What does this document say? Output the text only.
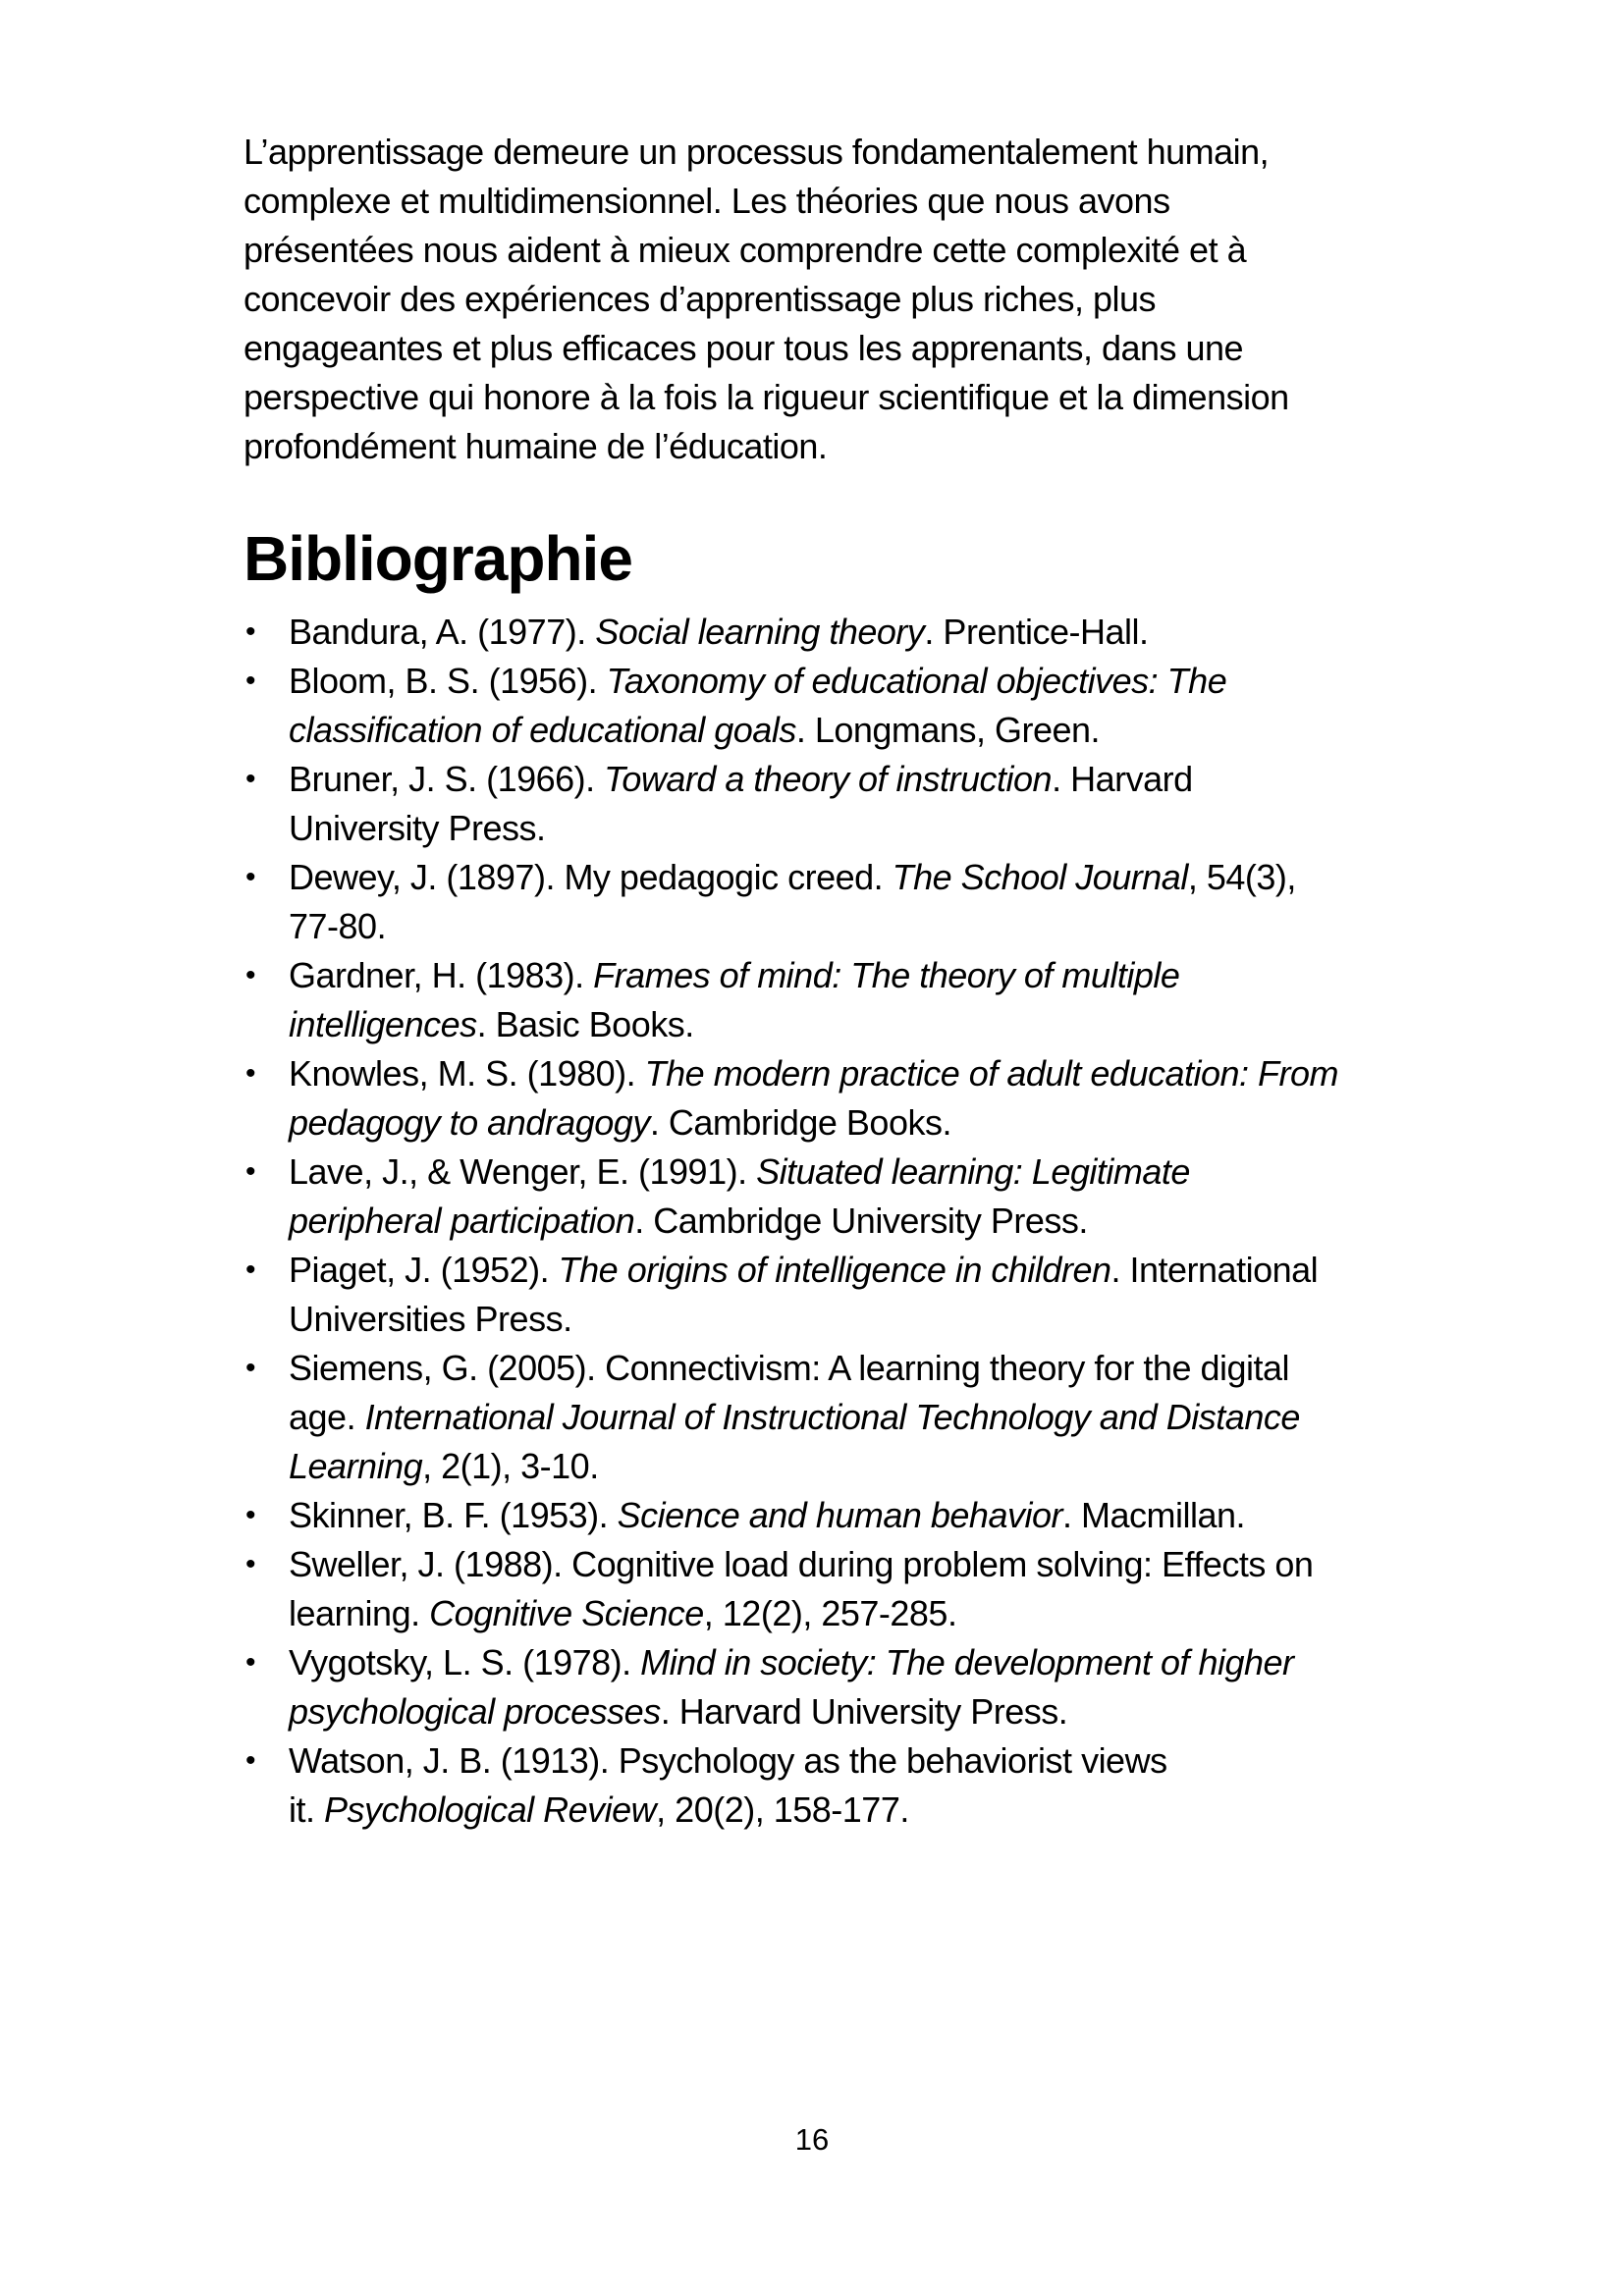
L’apprentissage demeure un processus fondamentalement humain,
complexe et multidimensionnel. Les théories que nous avons
présentées nous aident à mieux comprendre cette complexité et à
concevoir des expériences d’apprentissage plus riches, plus
engageantes et plus efficaces pour tous les apprenants, dans une
perspective qui honore à la fois la rigueur scientifique et la dimension
profondément humaine de l’éducation.

Bibliographie
• Bandura, A. (1977). Social learning theory. Prentice-Hall.
• Bloom, B. S. (1956). Taxonomy of educational objectives: The
classification of educational goals. Longmans, Green.
• Bruner, J. S. (1966). Toward a theory of instruction. Harvard
University Press.
• Dewey, J. (1897). My pedagogic creed. The School Journal, 54(3),
77-80.
• Gardner, H. (1983). Frames of mind: The theory of multiple
intelligences. Basic Books.
• Knowles, M. S. (1980). The modern practice of adult education: From
pedagogy to andragogy. Cambridge Books.
• Lave, J., & Wenger, E. (1991). Situated learning: Legitimate
peripheral participation. Cambridge University Press.
• Piaget, J. (1952). The origins of intelligence in children. International
Universities Press.
• Siemens, G. (2005). Connectivism: A learning theory for the digital
age. International Journal of Instructional Technology and Distance
Learning, 2(1), 3-10.
• Skinner, B. F. (1953). Science and human behavior. Macmillan.
• Sweller, J. (1988). Cognitive load during problem solving: Effects on
learning. Cognitive Science, 12(2), 257-285.
• Vygotsky, L. S. (1978). Mind in society: The development of higher
psychological processes. Harvard University Press.
• Watson, J. B. (1913). Psychology as the behaviorist views
it. Psychological Review, 20(2), 158-177.
16
